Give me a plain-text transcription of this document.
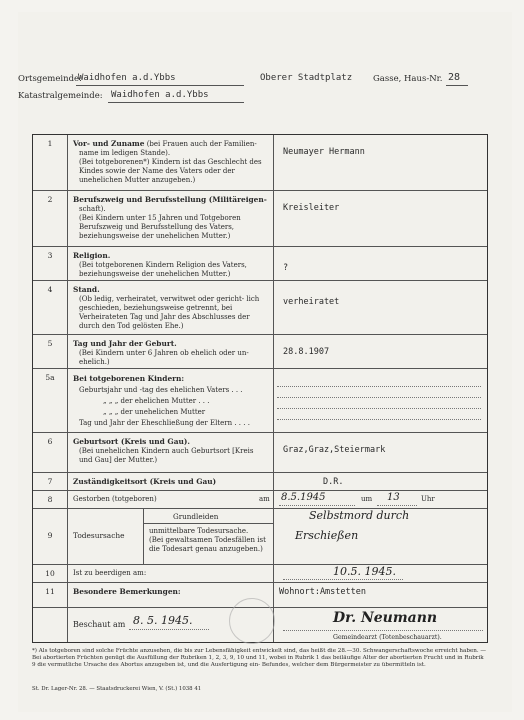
Ortsgemeinde:
Waidhofen a.d.Ybbs	Oberer Stadtplatz Gasse, Haus-Nr. 28
Katastralgemeinde: Waidhofen a.d.Ybbs
1	Vor- und Zuname (bei Frauen auch der Familien-
name im ledigen Stande).
(Bei totgeborenen*) Kindern ist das Geschlecht des Kindes sowie der Name des Vaters oder der unehelichen Mutter anzugeben.)
Neumayer Hermann
2	Berufszweig und Berufsstellung (Militäreigen-
schaft).
(Bei Kindern unter 15 Jahren und Totgeboren Berufszweig und Berufsstellung des Vaters, beziehungsweise der unehelichen Mutter.)
Kreisleiter
3	Religion.
(Bei totgeborenen Kindern Religion des Vaters, beziehungsweise der unehelichen Mutter.)
?
4	Stand.
(Ob ledig, verheiratet, verwitwet oder gericht- lich geschieden, beziehungsweise getrennt, bei Verheirateten Tag und Jahr des Abschlusses der durch den Tod gelösten Ehe.)
verheiratet
5	Tag und Jahr der Geburt.
(Bei Kindern unter 6 Jahren ob ehelich oder un- ehelich.)
28.8.1907
5a	Bei totgeborenen Kindern:
Geburtsjahr und -tag des ehelichen Vaters . . .
„ „ „ der ehelichen Mutter . . .
„ „ „ der unehelichen Mutter
Tag und Jahr der Eheschließung der Eltern . . . .
6	Geburtsort (Kreis und Gau).
(Bei unehelichen Kindern auch Geburtsort [Kreis und Gau] der Mutter.)
Graz,Graz,Steiermark
7	Zuständigkeitsort (Kreis und Gau)	D.R.
8	Gestorben (totgeboren)	am 8.5.1945	um 13	Uhr
9	Todesursache
Grundleiden
unmittelbare Todesursache.
(Bei gewaltsamen Todesfällen ist die Todesart genau anzugeben.)
Selbstmord durch
Erschießen
10	Ist zu beerdigen am:	10.5. 1945.
11	Besondere Bemerkungen:	Wohnort:Amstetten
Beschaut am 8. 5. 1945.	Dr. Neumann
Gemeindearzt (Totenbeschauarzt).
*) Als totgeboren sind solche Früchte anzusehen, die bis zur Lebensfähigkeit entwickelt sind, das heißt die 28.—30. Schwangerschaftswoche erreicht haben. — Bei abortierten Früchten genügt die Ausfüllung der Rubriken 1, 2, 3, 9, 10 und 11, wobei in Rubrik 1 das beiläufige Alter der abortierten Frucht und in Rubrik 9 die vermutliche Ursache des Abortus anzugeben ist, und die Ausfertigung ein- Befundes, welcher dem Bürgermeister zu übermitteln ist.
St. Dr. Lager-Nr. 28. — Staatsdruckerei Wien, V. (St.) 1038 41
